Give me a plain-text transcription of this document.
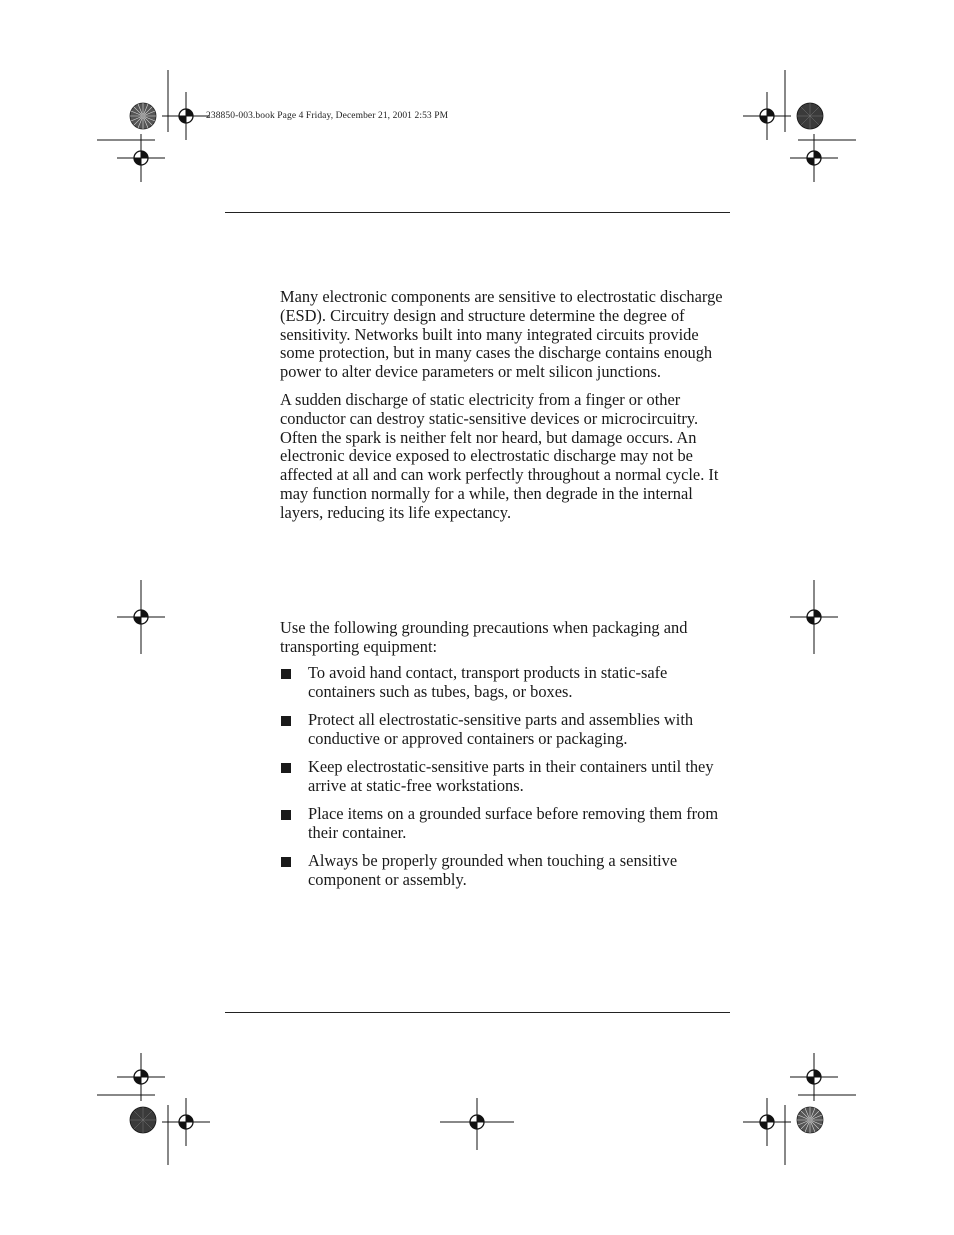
238850-003.book Page 4 Friday, December 21, 2001 2:53 PM

Many electronic components are sensitive to electrostatic discharge (ESD). Circuitry design and structure determine the degree of sensitivity. Networks built into many integrated circuits provide some protection, but in many cases the discharge contains enough power to alter device parameters or melt silicon junctions.

A sudden discharge of static electricity from a finger or other conductor can destroy static-sensitive devices or microcircuitry. Often the spark is neither felt nor heard, but damage occurs. An electronic device exposed to electrostatic discharge may not be affected at all and can work perfectly throughout a normal cycle. It may function normally for a while, then degrade in the internal layers, reducing its life expectancy.

Use the following grounding precautions when packaging and transporting equipment:

To avoid hand contact, transport products in static-safe containers such as tubes, bags, or boxes.
Protect all electrostatic-sensitive parts and assemblies with conductive or approved containers or packaging.
Keep electrostatic-sensitive parts in their containers until they arrive at static-free workstations.
Place items on a grounded surface before removing them from their container.
Always be properly grounded when touching a sensitive component or assembly.
